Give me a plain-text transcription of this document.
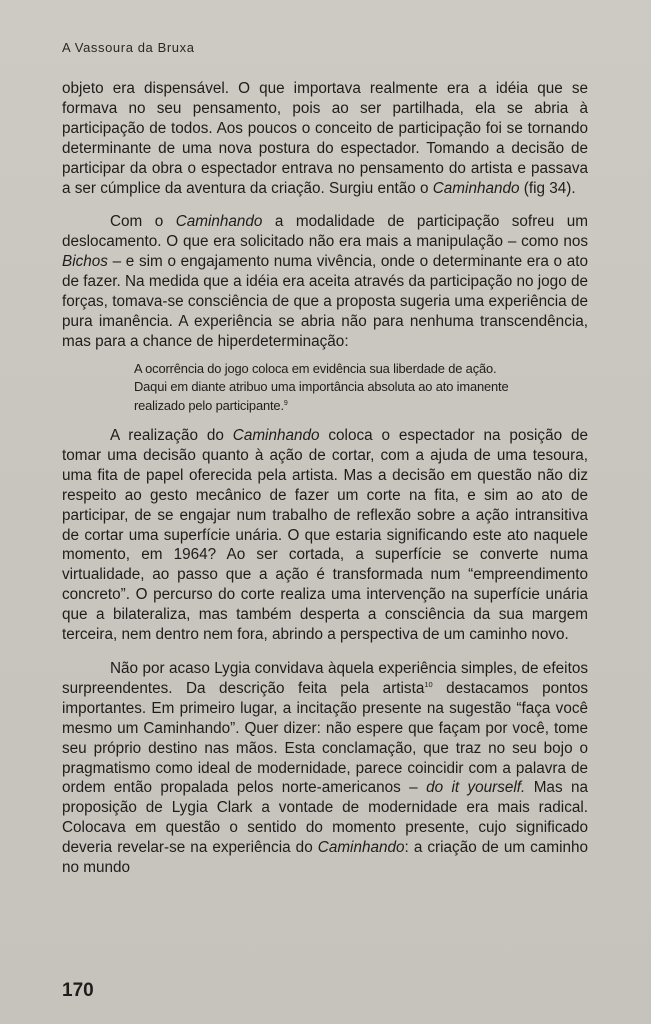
A Vassoura da Bruxa

objeto era dispensável. O que importava realmente era a idéia que se formava no seu pensamento, pois ao ser partilhada, ela se abria à participação de todos. Aos poucos o conceito de participação foi se tornando determinante de uma nova postura do espectador. Tomando a decisão de participar da obra o espectador entrava no pensamento do artista e passava a ser cúmplice da aventura da criação. Surgiu então o Caminhando (fig 34).

Com o Caminhando a modalidade de participação sofreu um deslocamento. O que era solicitado não era mais a manipulação – como nos Bichos – e sim o engajamento numa vivência, onde o determinante era o ato de fazer. Na medida que a idéia era aceita através da participação no jogo de forças, tomava-se consciência de que a proposta sugeria uma experiência de pura imanência. A experiência se abria não para nenhuma transcendência, mas para a chance de hiperdeterminação:

A ocorrência do jogo coloca em evidência sua liberdade de ação. Daqui em diante atribuo uma importância absoluta ao ato imanente realizado pelo participante.$^9$

A realização do Caminhando coloca o espectador na posição de tomar uma decisão quanto à ação de cortar, com a ajuda de uma tesoura, uma fita de papel oferecida pela artista. Mas a decisão em questão não diz respeito ao gesto mecânico de fazer um corte na fita, e sim ao ato de participar, de se engajar num trabalho de reflexão sobre a ação intransitiva de cortar uma superfície unária. O que estaria significando este ato naquele momento, em 1964? Ao ser cortada, a superfície se converte numa virtualidade, ao passo que a ação é transformada num “empreendimento concreto”. O percurso do corte realiza uma intervenção na superfície unária que a bilateraliza, mas também desperta a consciência da sua margem terceira, nem dentro nem fora, abrindo a perspectiva de um caminho novo.

Não por acaso Lygia convidava àquela experiência simples, de efeitos surpreendentes. Da descrição feita pela artista$^{10}$ destacamos pontos importantes. Em primeiro lugar, a incitação presente na sugestão “faça você mesmo um Caminhando”. Quer dizer: não espere que façam por você, tome seu próprio destino nas mãos. Esta conclamação, que traz no seu bojo o pragmatismo como ideal de modernidade, parece coincidir com a palavra de ordem então propalada pelos norte-americanos – do it yourself. Mas na proposição de Lygia Clark a vontade de modernidade era mais radical. Colocava em questão o sentido do momento presente, cujo significado deveria revelar-se na experiência do Caminhando: a criação de um caminho no mundo

170
